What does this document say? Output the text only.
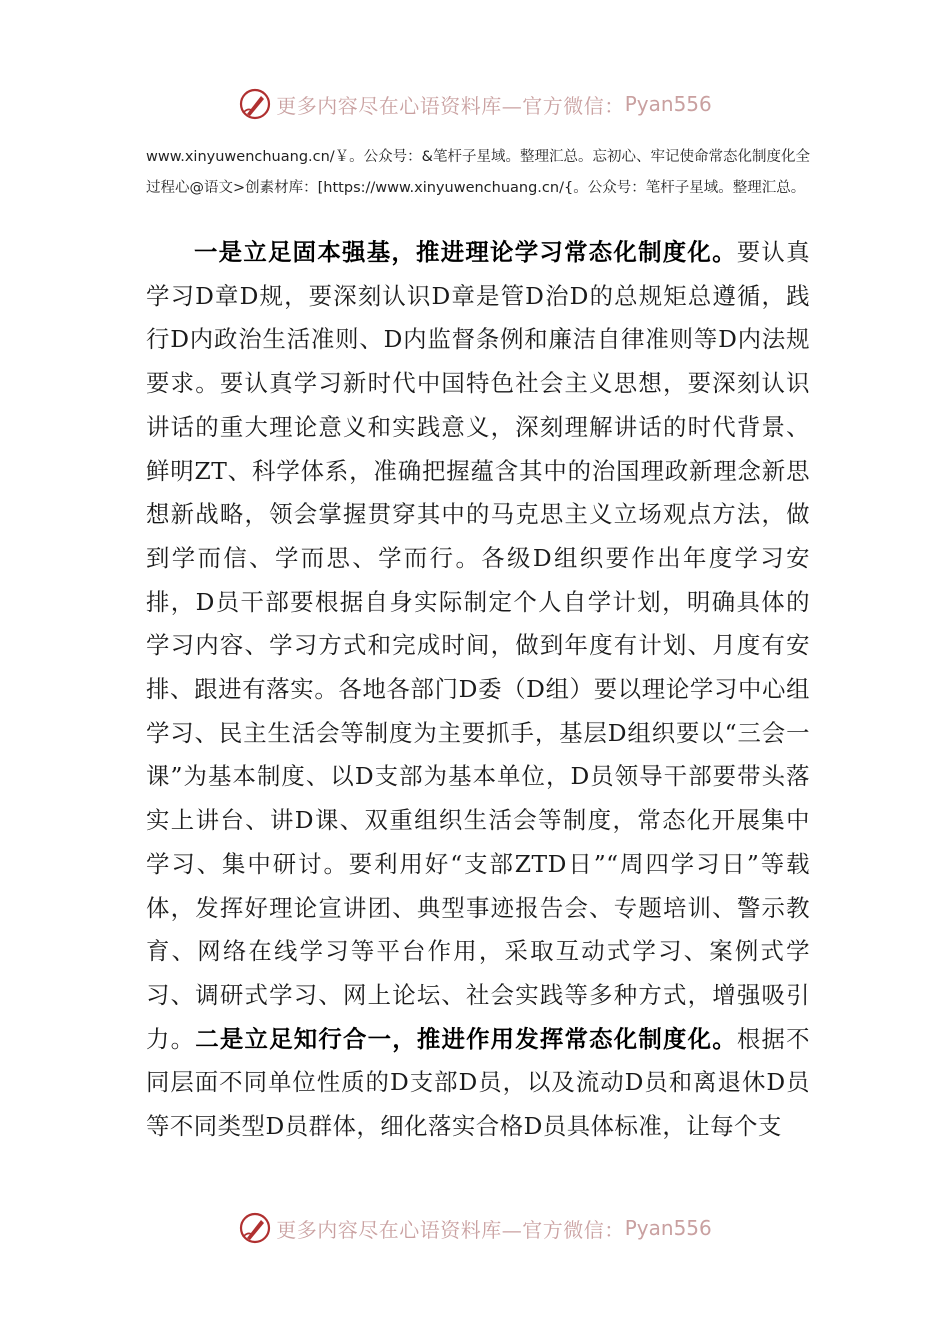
更多内容尽在心语资料库—官方微信： Pyan556

www.xinyuwenchuang.cn/￥。公众号：&笔杆子星域。整理汇总。忘初心、牢记使命常态化制度化全过程心@语文>创素材库：[https://www.xinyuwenchuang.cn/{。公众号：笔杆子星域。整理汇总。

一是立足固本强基，推进理论学习常态化制度化。要认真学习D章D规，要深刻认识D章是管D治D的总规矩总遵循，践行D内政治生活准则、D内监督条例和廉洁自律准则等D内法规要求。要认真学习新时代中国特色社会主义思想，要深刻认识讲话的重大理论意义和实践意义，深刻理解讲话的时代背景、鲜明ZT、科学体系，准确把握蕴含其中的治国理政新理念新思想新战略，领会掌握贯穿其中的马克思主义立场观点方法，做到学而信、学而思、学而行。各级D组织要作出年度学习安排，D员干部要根据自身实际制定个人自学计划，明确具体的学习内容、学习方式和完成时间，做到年度有计划、月度有安排、跟进有落实。各地各部门D委（D组）要以理论学习中心组学习、民主生活会等制度为主要抓手，基层D组织要以“三会一课”为基本制度、以D支部为基本单位，D员领导干部要带头落实上讲台、讲D课、双重组织生活会等制度，常态化开展集中学习、集中研讨。要利用好“支部ZTD日”“周四学习日”等载体，发挥好理论宣讲团、典型事迹报告会、专题培训、警示教育、网络在线学习等平台作用，采取互动式学习、案例式学习、调研式学习、网上论坛、社会实践等多种方式，增强吸引力。二是立足知行合一，推进作用发挥常态化制度化。根据不同层面不同单位性质的D支部D员，以及流动D员和离退休D员等不同类型D员群体，细化落实合格D员具体标准，让每个支

更多内容尽在心语资料库—官方微信： Pyan556
